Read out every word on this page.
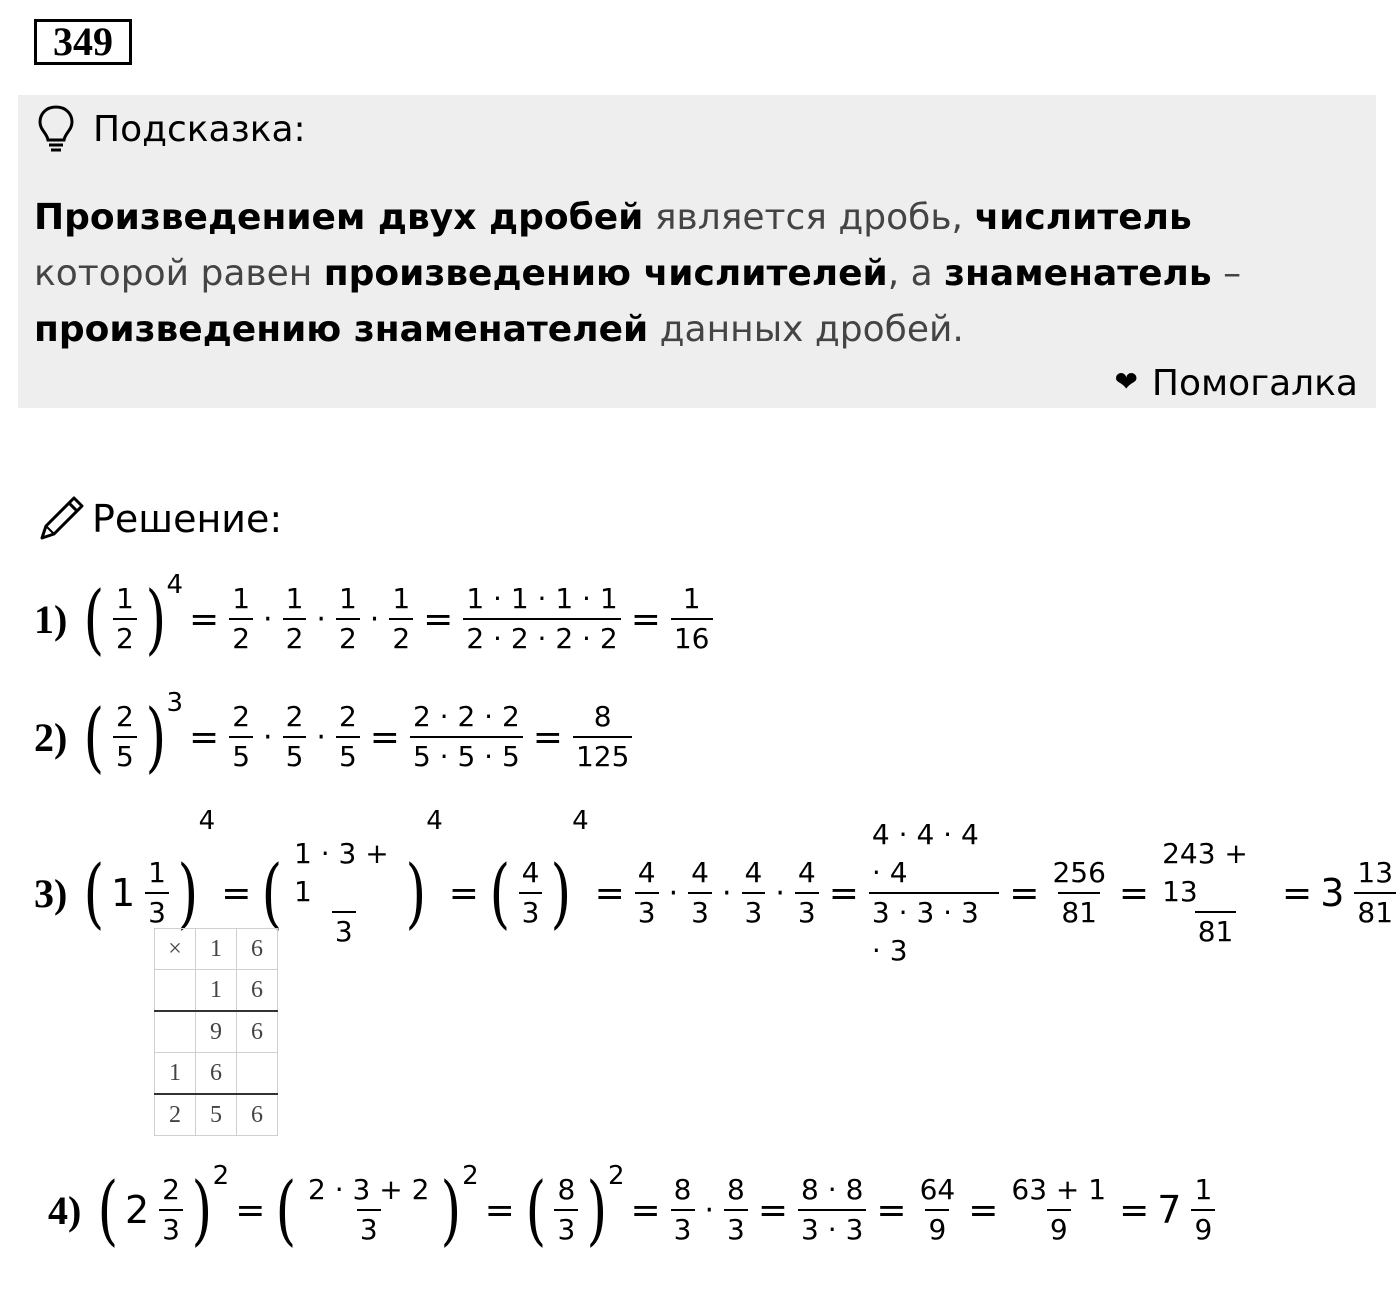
349
Подсказка:
Произведением двух дробей является дробь, числитель которой равен произведению числителей, а знаменатель – произведению знаменателей данных дробей.
❤ Помогалка
Решение:
1) ( $\frac{1}{2}$ ) 4
= $\frac{1}{2} \cdot \frac{1}{2} \cdot \frac{1}{2} \cdot \frac{1}{2} = \frac{1 \cdot 1 \cdot 1 \cdot 1}{2 \cdot 2 \cdot 2 \cdot 2} = \frac{1}{16}$
2) ( $\frac{2}{5}$ ) 3
= $\frac{2}{5} \cdot \frac{2}{5} \cdot \frac{2}{5} = \frac{2 \cdot 2 \cdot 2}{5 \cdot 5 \cdot 5} = \frac{8}{125}$
3) ( $1 \frac{1}{3}$ )
4
= ( $\frac{1 \cdot 3 + 1}{3}$ )
4
= ( $\frac{4}{3}$ )
4
= $\frac{4}{3} \cdot \frac{4}{3} \cdot \frac{4}{3} \cdot \frac{4}{3} = \frac{4 \cdot 4 \cdot 4 \cdot 4}{3 \cdot 3 \cdot 3 \cdot 3} = \frac{256}{81} = \frac{243 + 13}{81} = 3 \frac{13}{81}$
4) ( $2 \frac{2}{3}$ ) 2
= ( $\frac{2 \cdot 3 + 2}{3}$ ) 2
= ( $\frac{8}{3}$ ) 2
= $\frac{8}{3} \cdot \frac{8}{3} = \frac{8 \cdot 8}{3 \cdot 3} = \frac{64}{9} = \frac{63 + 1}{9} = 7 \frac{1}{9}$
×	1	6
	1	6
	9	6
1	6	
2	5	6
